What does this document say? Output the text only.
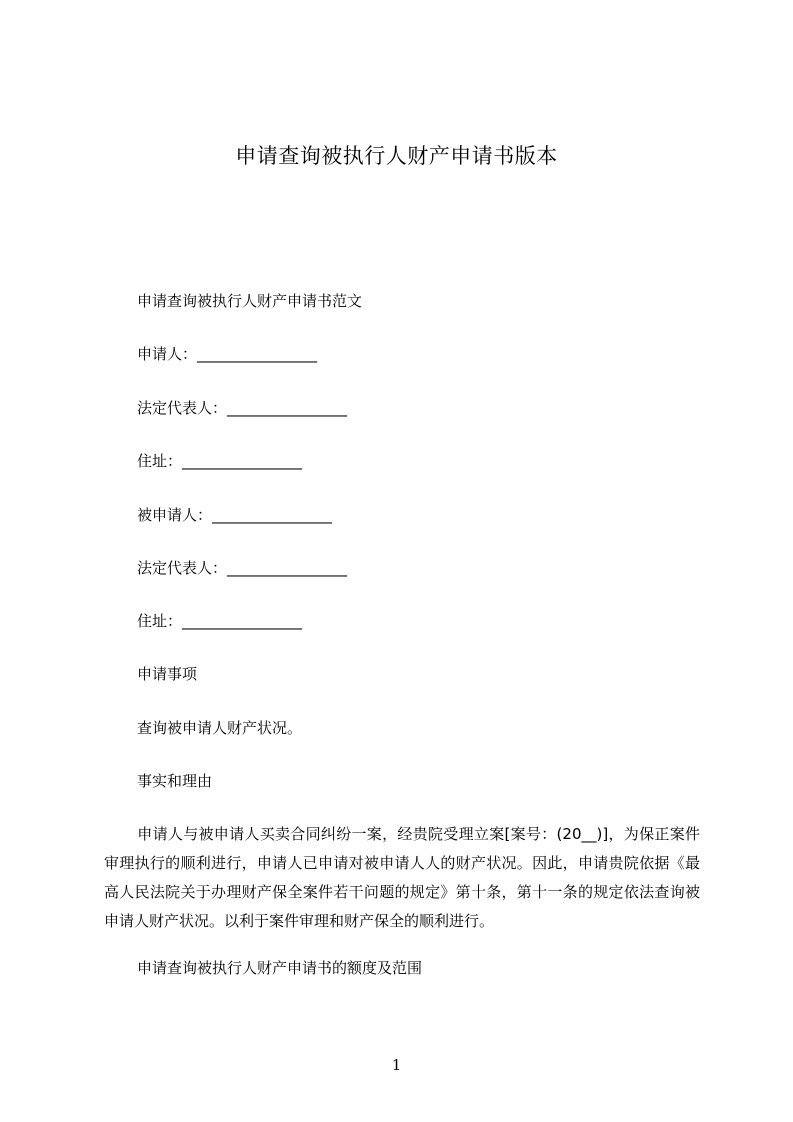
申请查询被执行人财产申请书版本
申请查询被执行人财产申请书范文
申请人：________________
法定代表人：________________
住址：________________
被申请人：________________
法定代表人：________________
住址：________________
申请事项
查询被申请人财产状况。
事实和理由
申请人与被申请人买卖合同纠纷一案，经贵院受理立案[案号：(20__)]，为保正案件审理执行的顺利进行，申请人已申请对被申请人人的财产状况。因此，申请贵院依据《最高人民法院关于办理财产保全案件若干问题的规定》第十条，第十一条的规定依法查询被申请人财产状况。以利于案件审理和财产保全的顺利进行。
申请查询被执行人财产申请书的额度及范围
1
